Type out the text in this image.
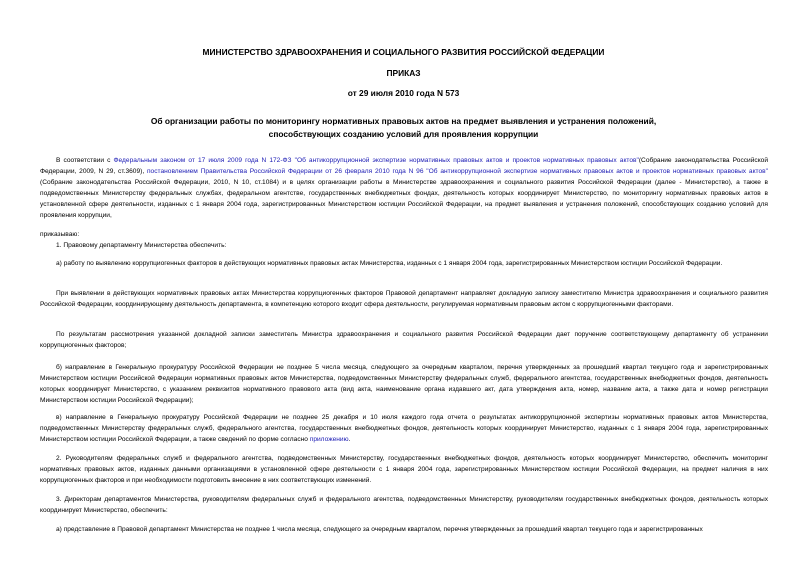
МИНИСТЕРСТВО ЗДРАВООХРАНЕНИЯ И СОЦИАЛЬНОГО РАЗВИТИЯ РОССИЙСКОЙ ФЕДЕРАЦИИ
ПРИКАЗ
от 29 июля 2010 года N 573
Об организации работы по мониторингу нормативных правовых актов на предмет выявления и устранения положений, способствующих созданию условий для проявления коррупции

В соответствии с Федеральным законом от 17 июля 2009 года N 172-ФЗ "Об антикоррупционной экспертизе нормативных правовых актов и проектов нормативных правовых актов"(Собрание законодательства Российской Федерации, 2009, N 29, ст.3609), постановлением Правительства Российской Федерации от 26 февраля 2010 года N 96 "Об антикоррупционной экспертизе нормативных правовых актов и проектов нормативных правовых актов" (Собрание законодательства Российской Федерации, 2010, N 10, ст.1084) и в целях организации работы в Министерстве здравоохранения и социального развития Российской Федерации (далее - Министерство), а также в подведомственных Министерству федеральных службах, федеральном агентстве, государственных внебюджетных фондах, деятельность которых координирует Министерство, по мониторингу нормативных правовых актов в установленной сфере деятельности, изданных с 1 января 2004 года, зарегистрированных Министерством юстиции Российской Федерации, на предмет выявления и устранения положений, способствующих созданию условий для проявления коррупции,

приказываю:

1. Правовому департаменту Министерства обеспечить:

а) работу по выявлению коррупциогенных факторов в действующих нормативных правовых актах Министерства, изданных с 1 января 2004 года, зарегистрированных Министерством юстиции Российской Федерации.

При выявлении в действующих нормативных правовых актах Министерства коррупциогенных факторов Правовой департамент направляет докладную записку заместителю Министра здравоохранения и социального развития Российской Федерации, координирующему деятельность департамента, в компетенцию которого входит сфера деятельности, регулируемая нормативным правовым актом с коррупциогенными факторами.

По результатам рассмотрения указанной докладной записки заместитель Министра здравоохранения и социального развития Российской Федерации дает поручение соответствующему департаменту об устранении коррупциогенных факторов;

б) направление в Генеральную прокуратуру Российской Федерации не позднее 5 числа месяца, следующего за очередным кварталом, перечня утвержденных за прошедший квартал текущего года и зарегистрированных Министерством юстиции Российской Федерации нормативных правовых актов Министерства, подведомственных Министерству федеральных служб, федерального агентства, государственных внебюджетных фондов, деятельность которых координирует Министерство, с указанием реквизитов нормативного правового акта (вид акта, наименование органа издавшего акт, дата утверждения акта, номер, название акта, а также дата и номер регистрации Министерством юстиции Российской Федерации);

в) направление в Генеральную прокуратуру Российской Федерации не позднее 25 декабря и 10 июля каждого года отчета о результатах антикоррупционной экспертизы нормативных правовых актов Министерства, подведомственных Министерству федеральных служб, федерального агентства, государственных внебюджетных фондов, деятельность которых координирует Министерство, изданных с 1 января 2004 года, зарегистрированных Министерством юстиции Российской Федерации, а также сведений по форме согласно приложению.

2. Руководителям федеральных служб и федерального агентства, подведомственных Министерству, государственных внебюджетных фондов, деятельность которых координирует Министерство, обеспечить мониторинг нормативных правовых актов, изданных данными организациями в установленной сфере деятельности с 1 января 2004 года, зарегистрированных Министерством юстиции Российской Федерации, на предмет наличия в них коррупциогенных факторов и при необходимости подготовить внесение в них соответствующих изменений.

3. Директорам департаментов Министерства, руководителям федеральных служб и федерального агентства, подведомственных Министерству, руководителям государственных внебюджетных фондов, деятельность которых координирует Министерство, обеспечить:

а) представление в Правовой департамент Министерства не позднее 1 числа месяца, следующего за очередным кварталом, перечня утвержденных за прошедший квартал текущего года и зарегистрированных
